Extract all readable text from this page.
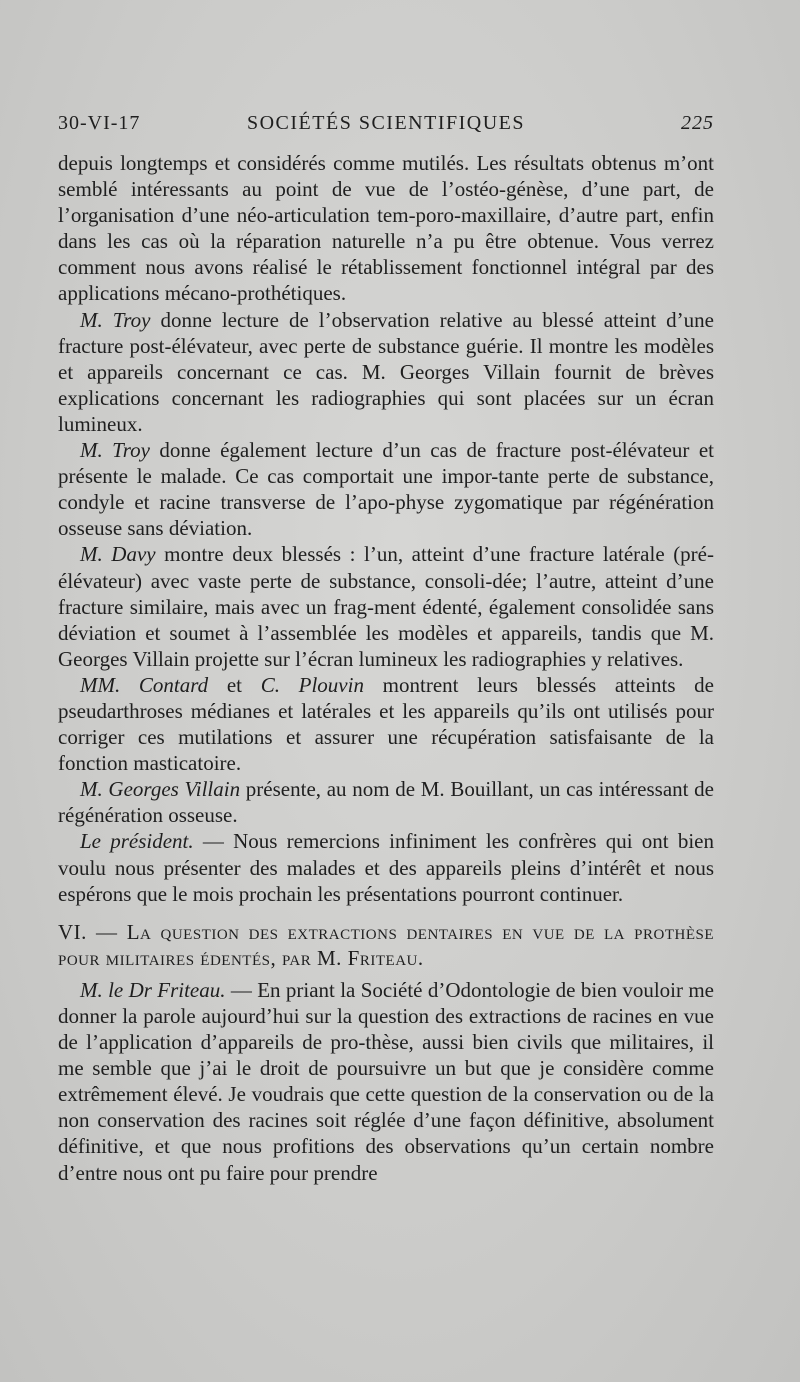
30-VI-17	SOCIÉTÉS SCIENTIFIQUES	225

depuis longtemps et considérés comme mutilés. Les résultats obtenus m’ont semblé intéressants au point de vue de l’ostéo-génèse, d’une part, de l’organisation d’une néo-articulation tem-poro-maxillaire, d’autre part, enfin dans les cas où la réparation naturelle n’a pu être obtenue. Vous verrez comment nous avons réalisé le rétablissement fonctionnel intégral par des applications mécano-prothétiques.

M. Troy donne lecture de l’observation relative au blessé atteint d’une fracture post-élévateur, avec perte de substance guérie. Il montre les modèles et appareils concernant ce cas. M. Georges Villain fournit de brèves explications concernant les radiographies qui sont placées sur un écran lumineux.

M. Troy donne également lecture d’un cas de fracture post-élévateur et présente le malade. Ce cas comportait une impor-tante perte de substance, condyle et racine transverse de l’apo-physe zygomatique par régénération osseuse sans déviation.

M. Davy montre deux blessés : l’un, atteint d’une fracture latérale (pré-élévateur) avec vaste perte de substance, consoli-dée; l’autre, atteint d’une fracture similaire, mais avec un frag-ment édenté, également consolidée sans déviation et soumet à l’assemblée les modèles et appareils, tandis que M. Georges Villain projette sur l’écran lumineux les radiographies y relatives.

MM. Contard et C. Plouvin montrent leurs blessés atteints de pseudarthroses médianes et latérales et les appareils qu’ils ont utilisés pour corriger ces mutilations et assurer une récupération satisfaisante de la fonction masticatoire.

M. Georges Villain présente, au nom de M. Bouillant, un cas intéressant de régénération osseuse.

Le président. — Nous remercions infiniment les confrères qui ont bien voulu nous présenter des malades et des appareils pleins d’intérêt et nous espérons que le mois prochain les présentations pourront continuer.

VI. — La question des extractions dentaires en vue de la prothèse pour militaires édentés, par M. Friteau.

M. le Dr Friteau. — En priant la Société d’Odontologie de bien vouloir me donner la parole aujourd’hui sur la question des extractions de racines en vue de l’application d’appareils de pro-thèse, aussi bien civils que militaires, il me semble que j’ai le droit de poursuivre un but que je considère comme extrêmement élevé. Je voudrais que cette question de la conservation ou de la non conservation des racines soit réglée d’une façon définitive, absolument définitive, et que nous profitions des observations qu’un certain nombre d’entre nous ont pu faire pour prendre
